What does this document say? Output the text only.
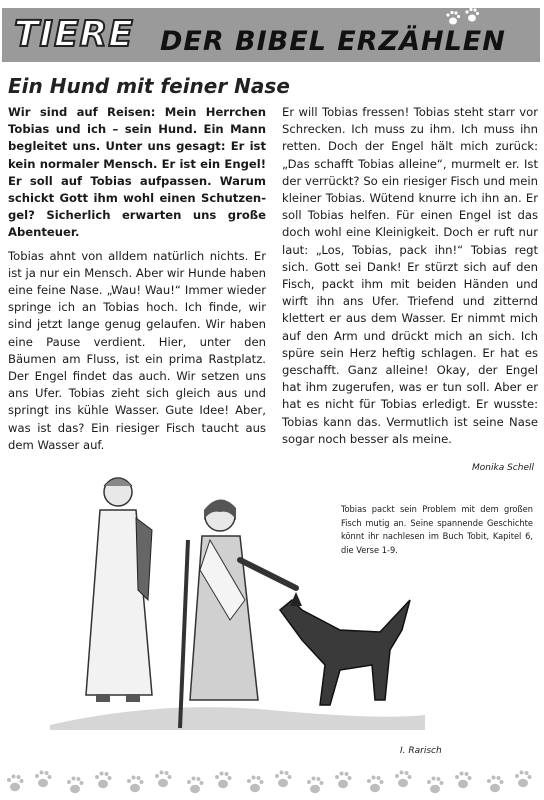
TIERE DER BIBEL ERZÄHLEN
Ein Hund mit feiner Nase

Wir sind auf Reisen: Mein Herrchen Tobias und ich – sein Hund. Ein Mann begleitet uns. Unter uns gesagt: Er ist kein normaler Mensch. Er ist ein Engel! Er soll auf Tobias aufpassen. Warum schickt Gott ihm wohl einen Schutzengel? Sicherlich erwarten uns große Abenteuer.

Tobias ahnt von alldem natürlich nichts. Er ist ja nur ein Mensch. Aber wir Hunde haben eine feine Nase. „Wau! Wau!“ Immer wieder springe ich an Tobias hoch. Ich finde, wir sind jetzt lange genug gelaufen. Wir haben eine Pause verdient. Hier, unter den Bäumen am Fluss, ist ein prima Rastplatz. Der Engel findet das auch. Wir setzen uns ans Ufer. Tobias zieht sich gleich aus und springt ins kühle Wasser. Gute Idee! Aber, was ist das? Ein riesiger Fisch taucht aus dem Wasser auf.

Er will Tobias fressen! Tobias steht starr vor Schrecken. Ich muss zu ihm. Ich muss ihn retten. Doch der Engel hält mich zurück: „Das schafft Tobias alleine“, murmelt er. Ist der verrückt? So ein riesiger Fisch und mein kleiner Tobias. Wütend knurre ich ihn an. Er soll Tobias helfen. Für einen Engel ist das doch wohl eine Kleinigkeit. Doch er ruft nur laut: „Los, Tobias, pack ihn!“ Tobias regt sich. Gott sei Dank! Er stürzt sich auf den Fisch, packt ihm mit beiden Händen und wirft ihn ans Ufer. Triefend und zitternd klettert er aus dem Wasser. Er nimmt mich auf den Arm und drückt mich an sich. Ich spüre sein Herz heftig schlagen. Er hat es geschafft. Ganz alleine! Okay, der Engel hat ihm zugerufen, was er tun soll. Aber er hat es nicht für Tobias erledigt. Er wusste: Tobias kann das. Vermutlich ist seine Nase sogar noch besser als meine.

Monika Schell
Tobias packt sein Problem mit dem großen Fisch mutig an. Seine spannende Geschichte könnt ihr nachlesen im Buch Tobit, Kapitel 6, die Verse 1-9.
I. Rarisch
